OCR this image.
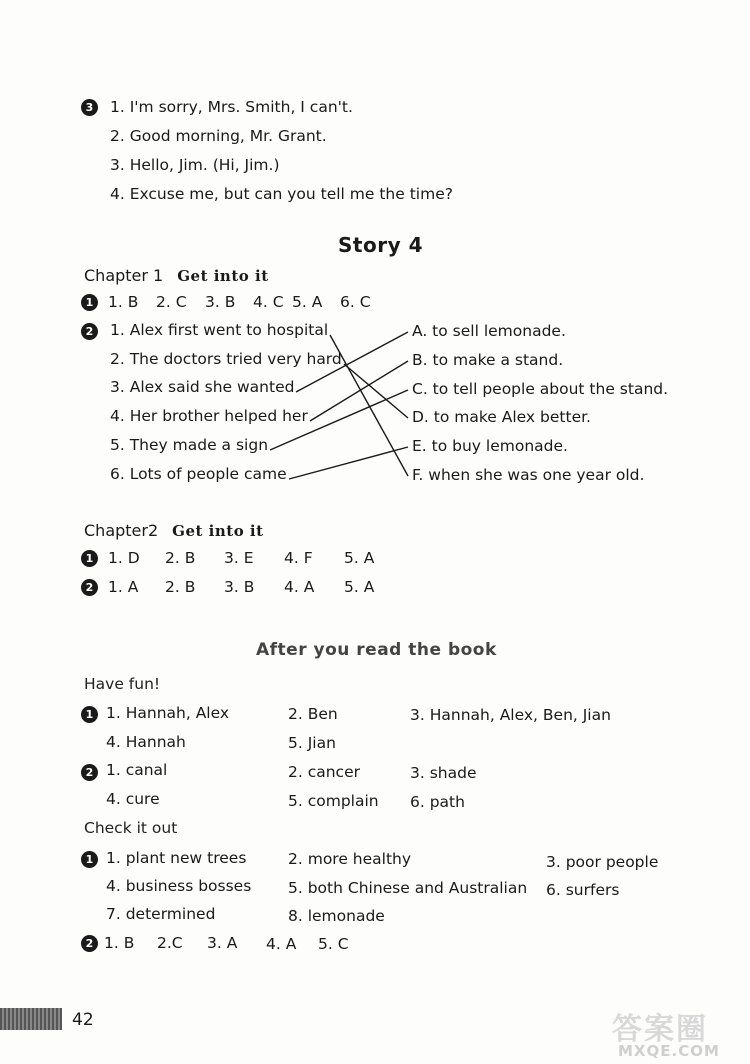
3	1. I'm sorry, Mrs. Smith, I can't.
2. Good morning, Mr. Grant.
3. Hello, Jim. (Hi, Jim.)
4. Excuse me, but can you tell me the time?
Story 4
Chapter 1 Get into it
1 1. B 2. C 3. B 4. C 5. A 6. C
2	1. Alex first went to hospital
2. The doctors tried very hard
3. Alex said she wanted
4. Her brother helped her
5. They made a sign
6. Lots of people came
A. to sell lemonade.
B. to make a stand.
C. to tell people about the stand.
D. to make Alex better.
E. to buy lemonade.
F. when she was one year old.
Chapter2 Get into it
1 1. D 2. B 3. E 4. F 5. A
2 1. A 2. B 3. B 4. A 5. A
After you read the book
Have fun!
1 1. Hannah, Alex	2. Ben	3. Hannah, Alex, Ben, Jian
4. Hannah	5. Jian
2 1. canal	2. cancer	3. shade
4. cure	5. complain 6. path
Check it out
1 1. plant new trees	2. more healthy	3. poor people
4. business bosses 5. both Chinese and Australian 6. surfers
7. determined	8. lemonade
2 1. B 2.C 3. A 4. A 5. C
42	答案圈
MXQE.COM
